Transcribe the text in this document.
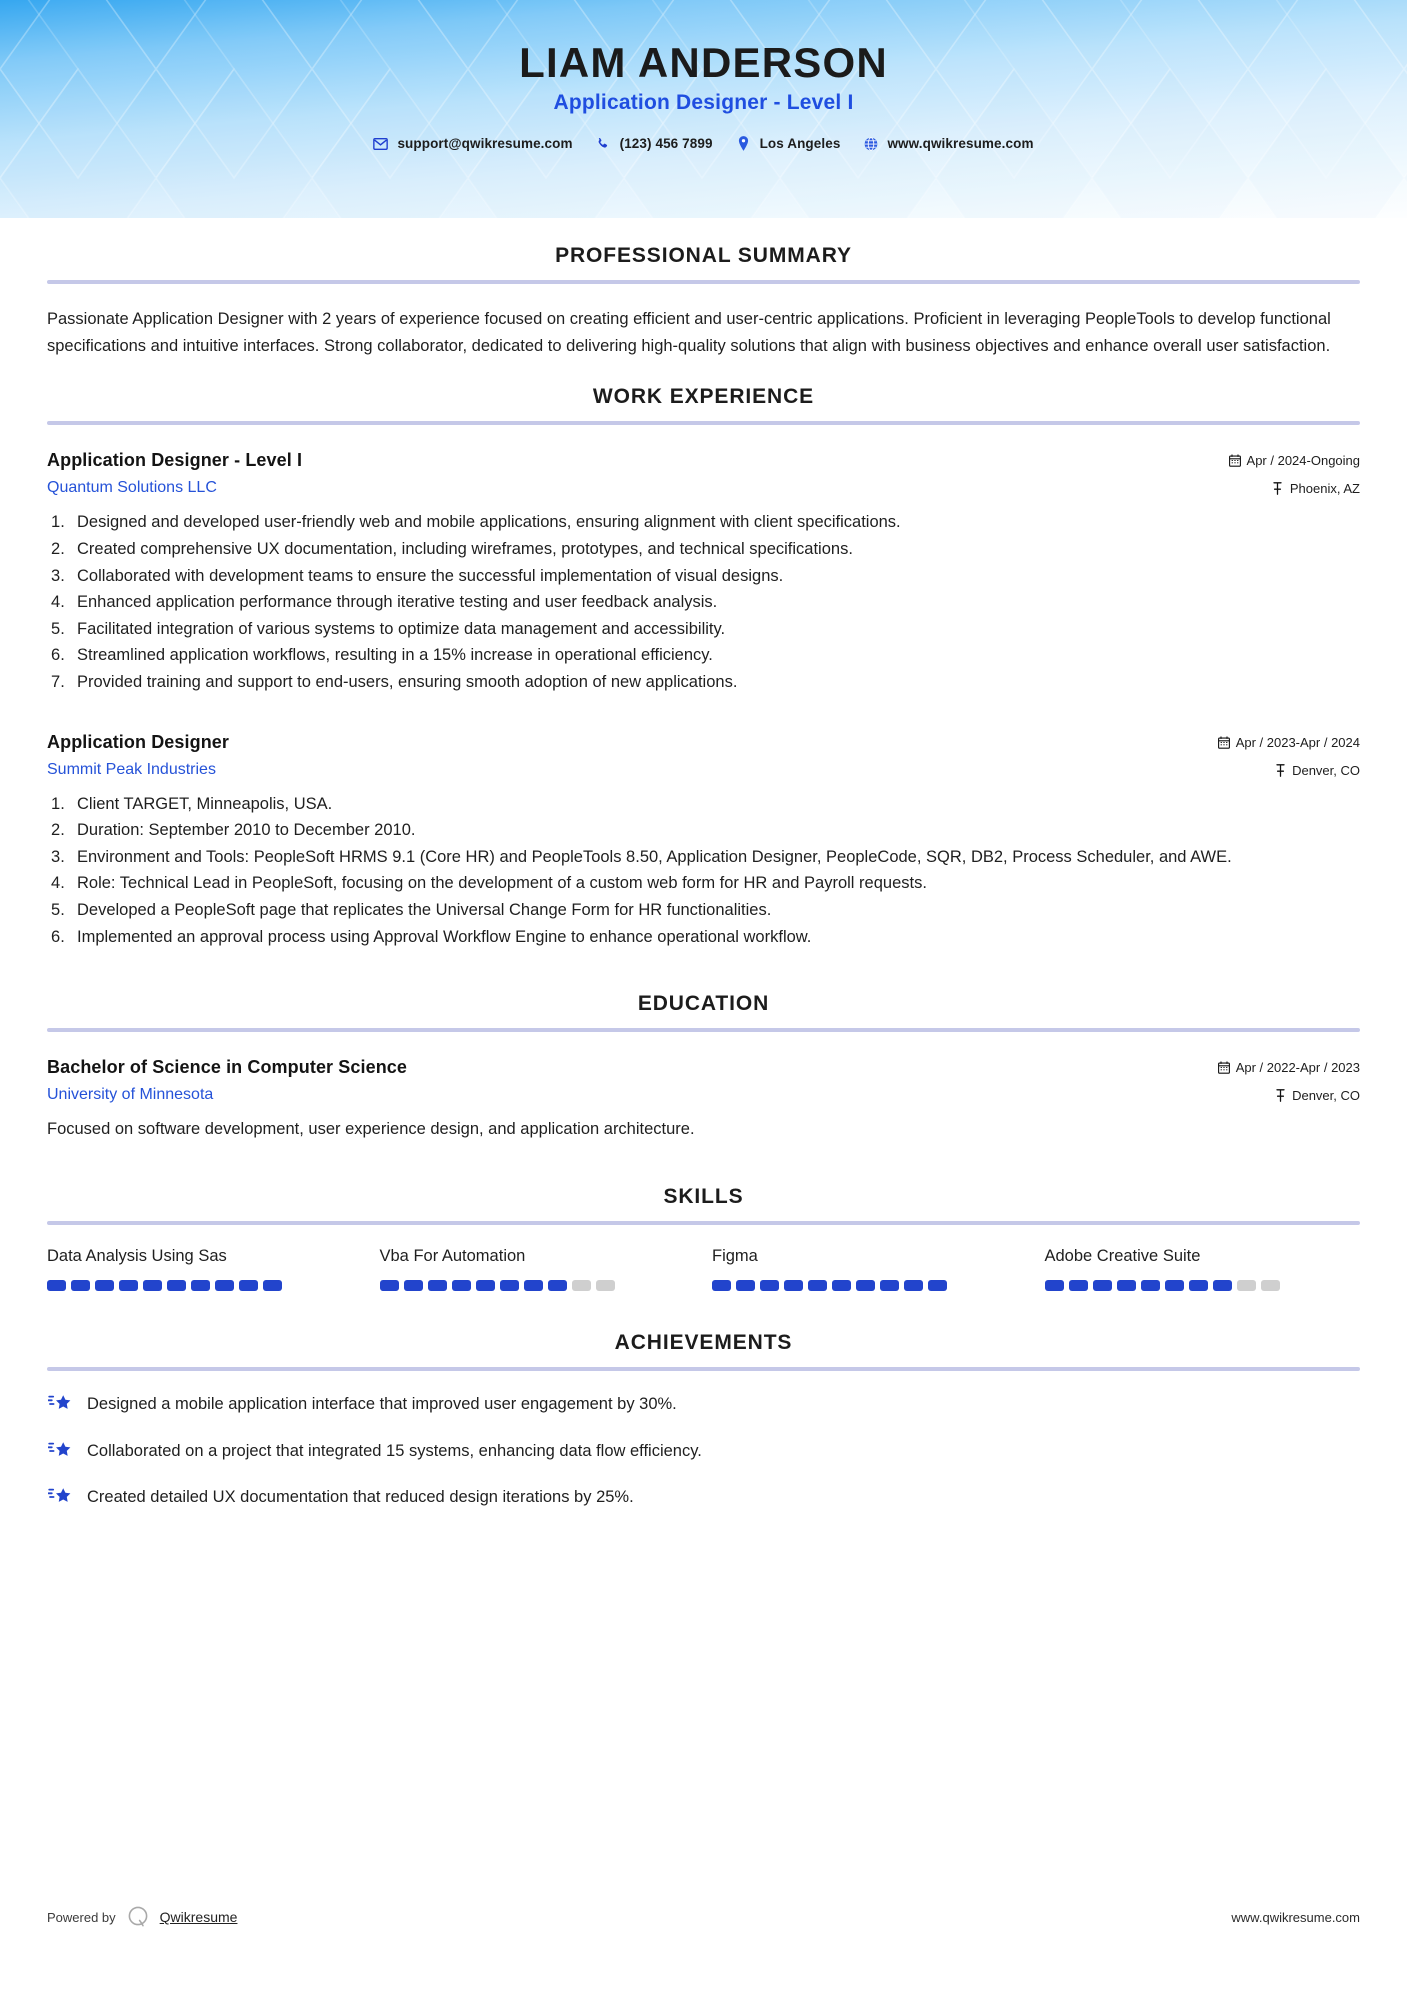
LIAM ANDERSON
Application Designer - Level I
support@qwikresume.com	(123) 456 7899	Los Angeles	www.qwikresume.com
PROFESSIONAL SUMMARY

Passionate Application Designer with 2 years of experience focused on creating efficient and user-centric applications. Proficient in leveraging PeopleTools to develop functional specifications and intuitive interfaces. Strong collaborator, dedicated to delivering high-quality solutions that align with business objectives and enhance overall user satisfaction.

WORK EXPERIENCE
Application Designer - Level I
Quantum Solutions LLC
Apr / 2024-Ongoing
Phoenix, AZ
Designed and developed user-friendly web and mobile applications, ensuring alignment with client specifications.
Created comprehensive UX documentation, including wireframes, prototypes, and technical specifications.
Collaborated with development teams to ensure the successful implementation of visual designs.
Enhanced application performance through iterative testing and user feedback analysis.
Facilitated integration of various systems to optimize data management and accessibility.
Streamlined application workflows, resulting in a 15% increase in operational efficiency.
Provided training and support to end-users, ensuring smooth adoption of new applications.
Application Designer
Summit Peak Industries
Apr / 2023-Apr / 2024
Denver, CO
Client TARGET, Minneapolis, USA.
Duration: September 2010 to December 2010.
Environment and Tools: PeopleSoft HRMS 9.1 (Core HR) and PeopleTools 8.50, Application Designer, PeopleCode, SQR, DB2, Process Scheduler, and AWE.
Role: Technical Lead in PeopleSoft, focusing on the development of a custom web form for HR and Payroll requests.
Developed a PeopleSoft page that replicates the Universal Change Form for HR functionalities.
Implemented an approval process using Approval Workflow Engine to enhance operational workflow.
EDUCATION
Bachelor of Science in Computer Science
University of Minnesota
Apr / 2022-Apr / 2023
Denver, CO

Focused on software development, user experience design, and application architecture.

SKILLS
Data Analysis Using Sas	Vba For Automation	Figma	Adobe Creative Suite
ACHIEVEMENTS
Designed a mobile application interface that improved user engagement by 30%.
Collaborated on a project that integrated 15 systems, enhancing data flow efficiency.
Created detailed UX documentation that reduced design iterations by 25%.
Powered by	Qwikresume	www.qwikresume.com
